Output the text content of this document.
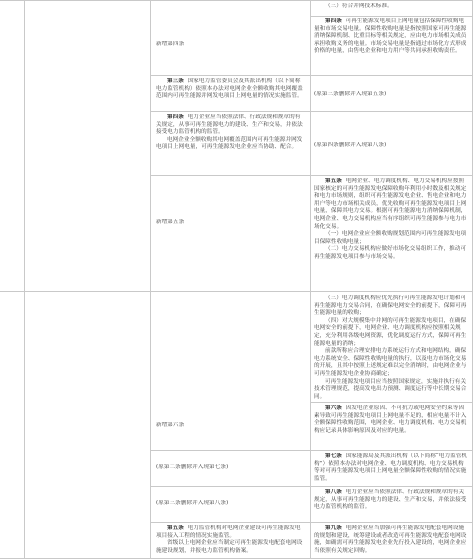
（三）符合并网技术标准。

新增第四条

第四条 可再生能源发电项目上网电量包括保障性收购电量和市场交易电量。保障性收购电量是指按照国家可再生能源消纳保障机制、比重目标等相关规定，应由电力市场相关成员承担收购义务的电量。市场交易电量是指通过市场化方式形成价格的电量，由售电企业和电力用户等共同承担收购责任。

第三条 国家电力监管委员会及其派出机构（以下简称电力监管机构）依照本办法对电网企业全额收购其电网覆盖范围内可再生能源并网发电项目上网电量的情况实施监管。	(原第三条删除并入现第五条)

第四条 电力企业应当依照法律、行政法规和规章的有关规定，从事可再生能源电力的建设、生产和交易，并依法接受电力监管机构的监管。

电网企业全额收购其电网覆盖范围内可再生能源并网发电项目上网电量，可再生能源发电企业应当协助、配合。	(原第四条删除并入现第八条)

新增第五条

第五条 电网企业、电力调度机构、电力交易机构应按照国家核定的可再生能源发电保障收购年利用小时数及相关规定和电力市场规则，组织可再生能源发电企业、售电企业和电力用户等电力市场相关成员，优先收购可再生能源发电项目上网电量，保障其电力交易。根据可再生能源电力消纳保障机制，电网企业、电力交易机构应当有序组织可再生能源参与电力市场化交易。

（一）电网企业应全额收购规划范围内可再生能源发电项目保障性收购电量；

（二）电力交易机构应做好市场化交易组织工作，推动可再生能源发电项目参与市场交易。

（三）电力调度机构应优先执行可再生能源发电计划和可再生能源电力交易合同，在确保电网安全的前提下，保障可再生能源电量的收购；

（四）对大规模集中并网的可再生能源发电项目，在确保电网安全的前提下，电网企业、电力调度机构应按照相关规定，充分利用各级电网资源，优化调度运行方式，保障可再生能源电量的消纳；

前款所称应合理安排电力系统运行方式和电网结构，确保电力系统安全、保障性收购电量的执行，以及电力市场化交易的开展，且其中按照上述规定难以完全消纳时，由电网企业与可再生能源发电企业协商确定；

可再生能源发电项目应当按照国家规定，实施并执行有关技术管理规范，提高发电出力预测、调度运行等中长期交易合同。

新增第六条

第六条 因发电企业原因、不可抗力或电网安全约束等因素导致可再生能源发电项目上网电量不足的，相应电量不计入全额保障性收购范围，电网企业、电力调度机构、电力交易机构应记录具体影响原因及对应的电量。

(原第二条删除并入现第七条)

第七条 国家能源局及其派出机构（以下简称“电力监管机构”）依照本办法对电网企业、电力调度机构、电力交易机构等对可再生能源发电项目上网电量全额保障性收购的情况实施监管。

(原第三条删除并入现第八条)

第八条 电力企业应当依照法律、行政法规和规章的有关规定，从事可再生能源电力的建设、生产和交易，并依法接受电力监管机构的监管。

第五条 电力监管机构对电网企业建设可再生能源发电项目接入工程的情况实施监管。

省级以上电网企业应当制定可再生能源发电配套电网设施建设规划，并报电力监管机构备案。

第九条 电网企业应当加强可再生能源发电配套电网设施的规划和建设，统筹建设或者改造可再生能源发电配套电网设施，如确需可再生能源发电企业先行投入建设的，电网企业应当依照有关规定回购。
